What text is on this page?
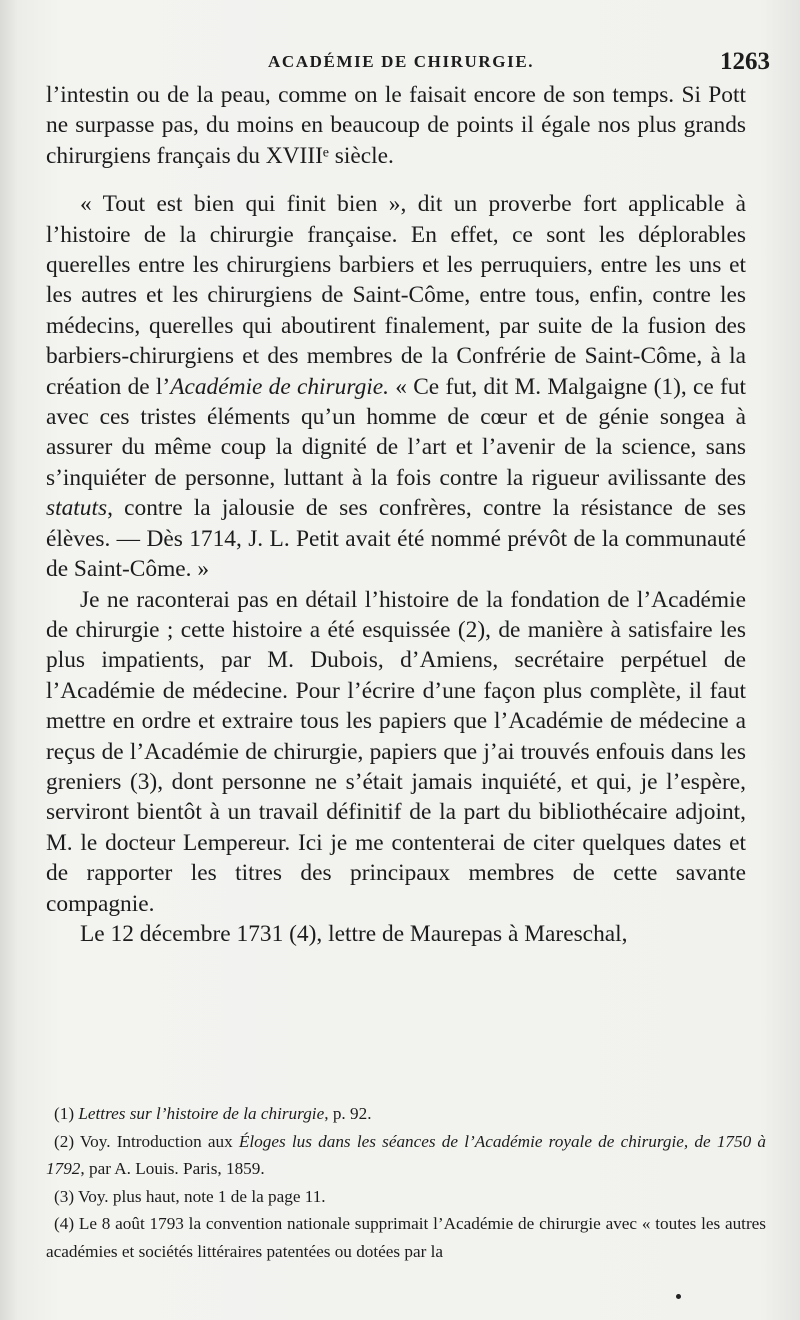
ACADÉMIE DE CHIRURGIE.	1263

l’intestin ou de la peau, comme on le faisait encore de son temps. Si Pott ne surpasse pas, du moins en beaucoup de points il égale nos plus grands chirurgiens français du XVIIIᵉ siècle.

« Tout est bien qui finit bien », dit un proverbe fort applicable à l’histoire de la chirurgie française. En effet, ce sont les déplorables querelles entre les chirurgiens barbiers et les perruquiers, entre les uns et les autres et les chirurgiens de Saint-Côme, entre tous, enfin, contre les médecins, querelles qui aboutirent finalement, par suite de la fusion des barbiers-chirurgiens et des membres de la Confrérie de Saint-Côme, à la création de l’Académie de chirurgie. « Ce fut, dit M. Malgaigne (1), ce fut avec ces tristes éléments qu’un homme de cœur et de génie songea à assurer du même coup la dignité de l’art et l’avenir de la science, sans s’inquiéter de personne, luttant à la fois contre la rigueur avilissante des statuts, contre la jalousie de ses confrères, contre la résistance de ses élèves. — Dès 1714, J. L. Petit avait été nommé prévôt de la communauté de Saint-Côme. »

Je ne raconterai pas en détail l’histoire de la fondation de l’Académie de chirurgie ; cette histoire a été esquissée (2), de manière à satisfaire les plus impatients, par M. Dubois, d’Amiens, secrétaire perpétuel de l’Académie de médecine. Pour l’écrire d’une façon plus complète, il faut mettre en ordre et extraire tous les papiers que l’Académie de médecine a reçus de l’Académie de chirurgie, papiers que j’ai trouvés enfouis dans les greniers (3), dont personne ne s’était jamais inquiété, et qui, je l’espère, serviront bientôt à un travail définitif de la part du bibliothécaire adjoint, M. le docteur Lempereur. Ici je me contenterai de citer quelques dates et de rapporter les titres des principaux membres de cette savante compagnie.

Le 12 décembre 1731 (4), lettre de Maurepas à Mareschal,

(1) Lettres sur l’histoire de la chirurgie, p. 92.

(2) Voy. Introduction aux Éloges lus dans les séances de l’Académie royale de chirurgie, de 1750 à 1792, par A. Louis. Paris, 1859.

(3) Voy. plus haut, note 1 de la page 11.

(4) Le 8 août 1793 la convention nationale supprimait l’Académie de chirurgie avec « toutes les autres académies et sociétés littéraires patentées ou dotées par la
